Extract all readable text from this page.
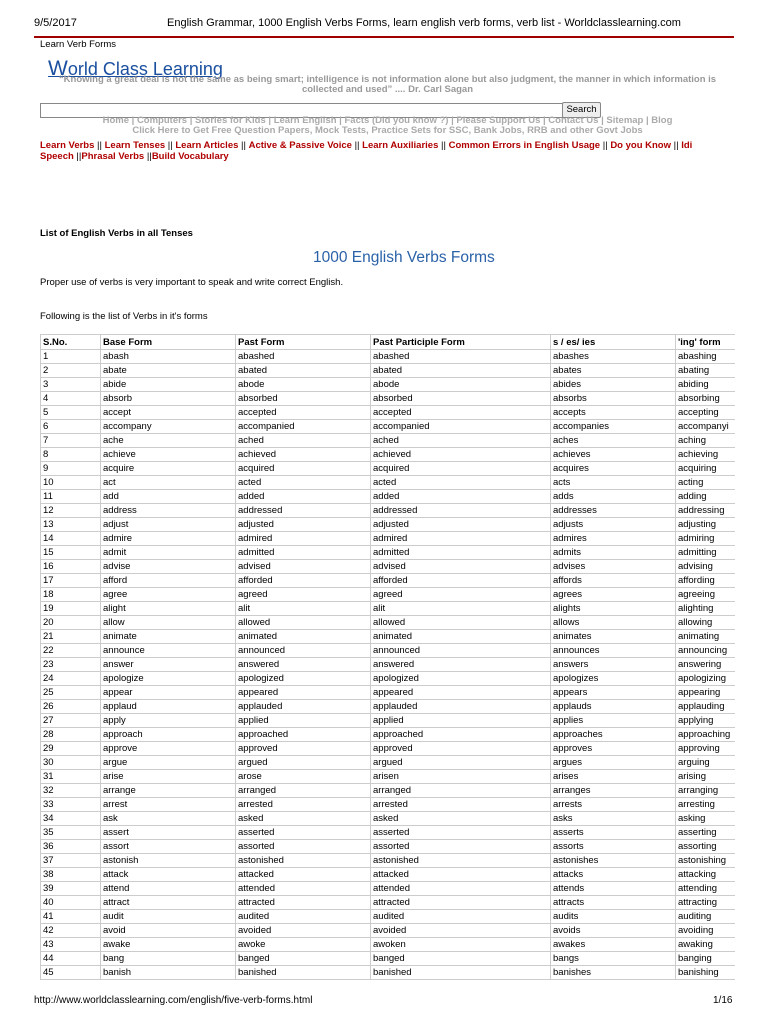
9/5/2017	English Grammar, 1000 English Verbs Forms, learn english verb forms, verb list - Worldclasslearning.com
Learn Verb Forms
World Class Learning
“Knowing a great deal is not the same as being smart; intelligence is not information alone but also judgment, the manner in which information is collected and used” .... Dr. Carl Sagan
Search
Home | Computers | Stories for Kids | Learn English | Facts (Did you know ?) | Please Support Us | Contact Us | Sitemap | Blog
Click Here to Get Free Question Papers, Mock Tests, Practice Sets for SSC, Bank Jobs, RRB and other Govt Jobs
Learn Verbs || Learn Tenses || Learn Articles || Active & Passive Voice || Learn Auxiliaries || Common Errors in English Usage || Do you Know || Idi
Speech ||Phrasal Verbs ||Build Vocabulary
List of English Verbs in all Tenses
1000 English Verbs Forms
Proper use of verbs is very important to speak and write correct English.
Following is the list of Verbs in it's forms
S.No.	Base Form	Past Form	Past Participle Form	s / es/ ies	'ing' form
1	abash	abashed	abashed	abashes	abashing
2	abate	abated	abated	abates	abating
3	abide	abode	abode	abides	abiding
4	absorb	absorbed	absorbed	absorbs	absorbing
5	accept	accepted	accepted	accepts	accepting
6	accompany	accompanied	accompanied	accompanies	accompanyi
7	ache	ached	ached	aches	aching
8	achieve	achieved	achieved	achieves	achieving
9	acquire	acquired	acquired	acquires	acquiring
10	act	acted	acted	acts	acting
11	add	added	added	adds	adding
12	address	addressed	addressed	addresses	addressing
13	adjust	adjusted	adjusted	adjusts	adjusting
14	admire	admired	admired	admires	admiring
15	admit	admitted	admitted	admits	admitting
16	advise	advised	advised	advises	advising
17	afford	afforded	afforded	affords	affording
18	agree	agreed	agreed	agrees	agreeing
19	alight	alit	alit	alights	alighting
20	allow	allowed	allowed	allows	allowing
21	animate	animated	animated	animates	animating
22	announce	announced	announced	announces	announcing
23	answer	answered	answered	answers	answering
24	apologize	apologized	apologized	apologizes	apologizing
25	appear	appeared	appeared	appears	appearing
26	applaud	applauded	applauded	applauds	applauding
27	apply	applied	applied	applies	applying
28	approach	approached	approached	approaches	approaching
29	approve	approved	approved	approves	approving
30	argue	argued	argued	argues	arguing
31	arise	arose	arisen	arises	arising
32	arrange	arranged	arranged	arranges	arranging
33	arrest	arrested	arrested	arrests	arresting
34	ask	asked	asked	asks	asking
35	assert	asserted	asserted	asserts	asserting
36	assort	assorted	assorted	assorts	assorting
37	astonish	astonished	astonished	astonishes	astonishing
38	attack	attacked	attacked	attacks	attacking
39	attend	attended	attended	attends	attending
40	attract	attracted	attracted	attracts	attracting
41	audit	audited	audited	audits	auditing
42	avoid	avoided	avoided	avoids	avoiding
43	awake	awoke	awoken	awakes	awaking
44	bang	banged	banged	bangs	banging
45	banish	banished	banished	banishes	banishing
http://www.worldclasslearning.com/english/five-verb-forms.html	1/16
